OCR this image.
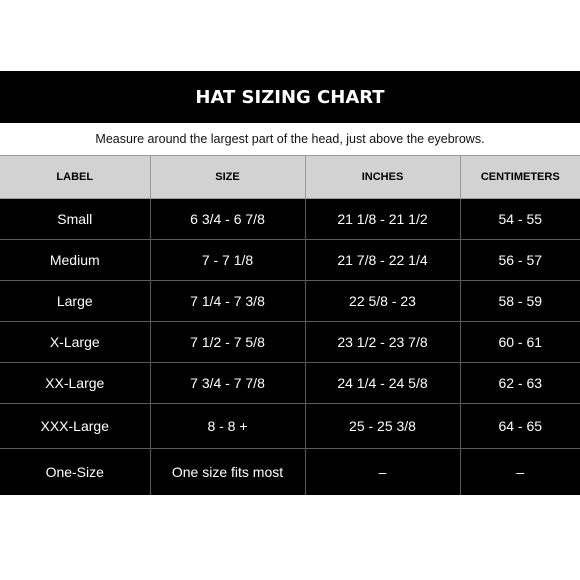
HAT SIZING CHART
Measure around the largest part of the head, just above the eyebrows.
LABEL	SIZE	INCHES	CENTIMETERS
Small	6 3/4 - 6 7/8	21 1/8 - 21 1/2	54 - 55
Medium	7 - 7 1/8	21 7/8 - 22 1/4	56 - 57
Large	7 1/4 - 7 3/8	22 5/8 - 23	58 - 59
X-Large	7 1/2 - 7 5/8	23 1/2 - 23 7/8	60 - 61
XX-Large	7 3/4 - 7 7/8	24 1/4 - 24 5/8	62 - 63
XXX-Large	8 - 8 +	25 - 25 3/8	64 - 65
One-Size	One size fits most	–	–
